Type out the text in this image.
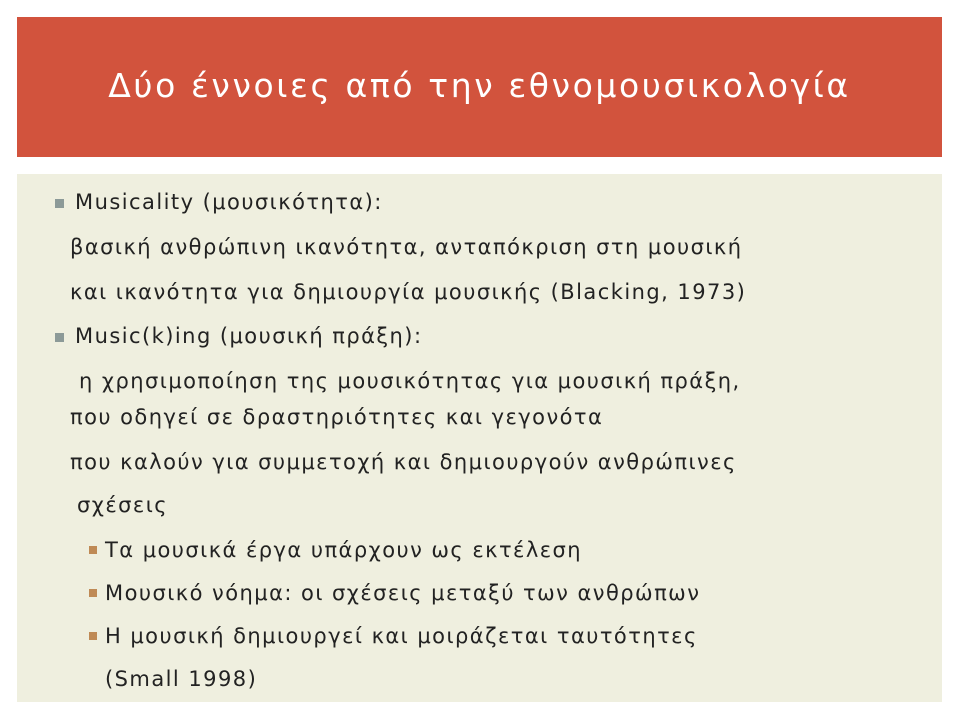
Δύο έννοιες από την εθνομουσικολογία
Musicality (μουσικότητα):
βασική ανθρώπινη ικανότητα, ανταπόκριση στη μουσική
και ικανότητα για δημιουργία μουσικής (Blacking, 1973)
Music(k)ing (μουσική πράξη):
η χρησιμοποίηση της μουσικότητας για μουσική πράξη,
που οδηγεί σε δραστηριότητες και γεγονότα
που καλούν για συμμετοχή και δημιουργούν ανθρώπινες
σχέσεις
Τα μουσικά έργα υπάρχουν ως εκτέλεση
Μουσικό νόημα: οι σχέσεις μεταξύ των ανθρώπων
Η μουσική δημιουργεί και μοιράζεται ταυτότητες
(Small 1998)
